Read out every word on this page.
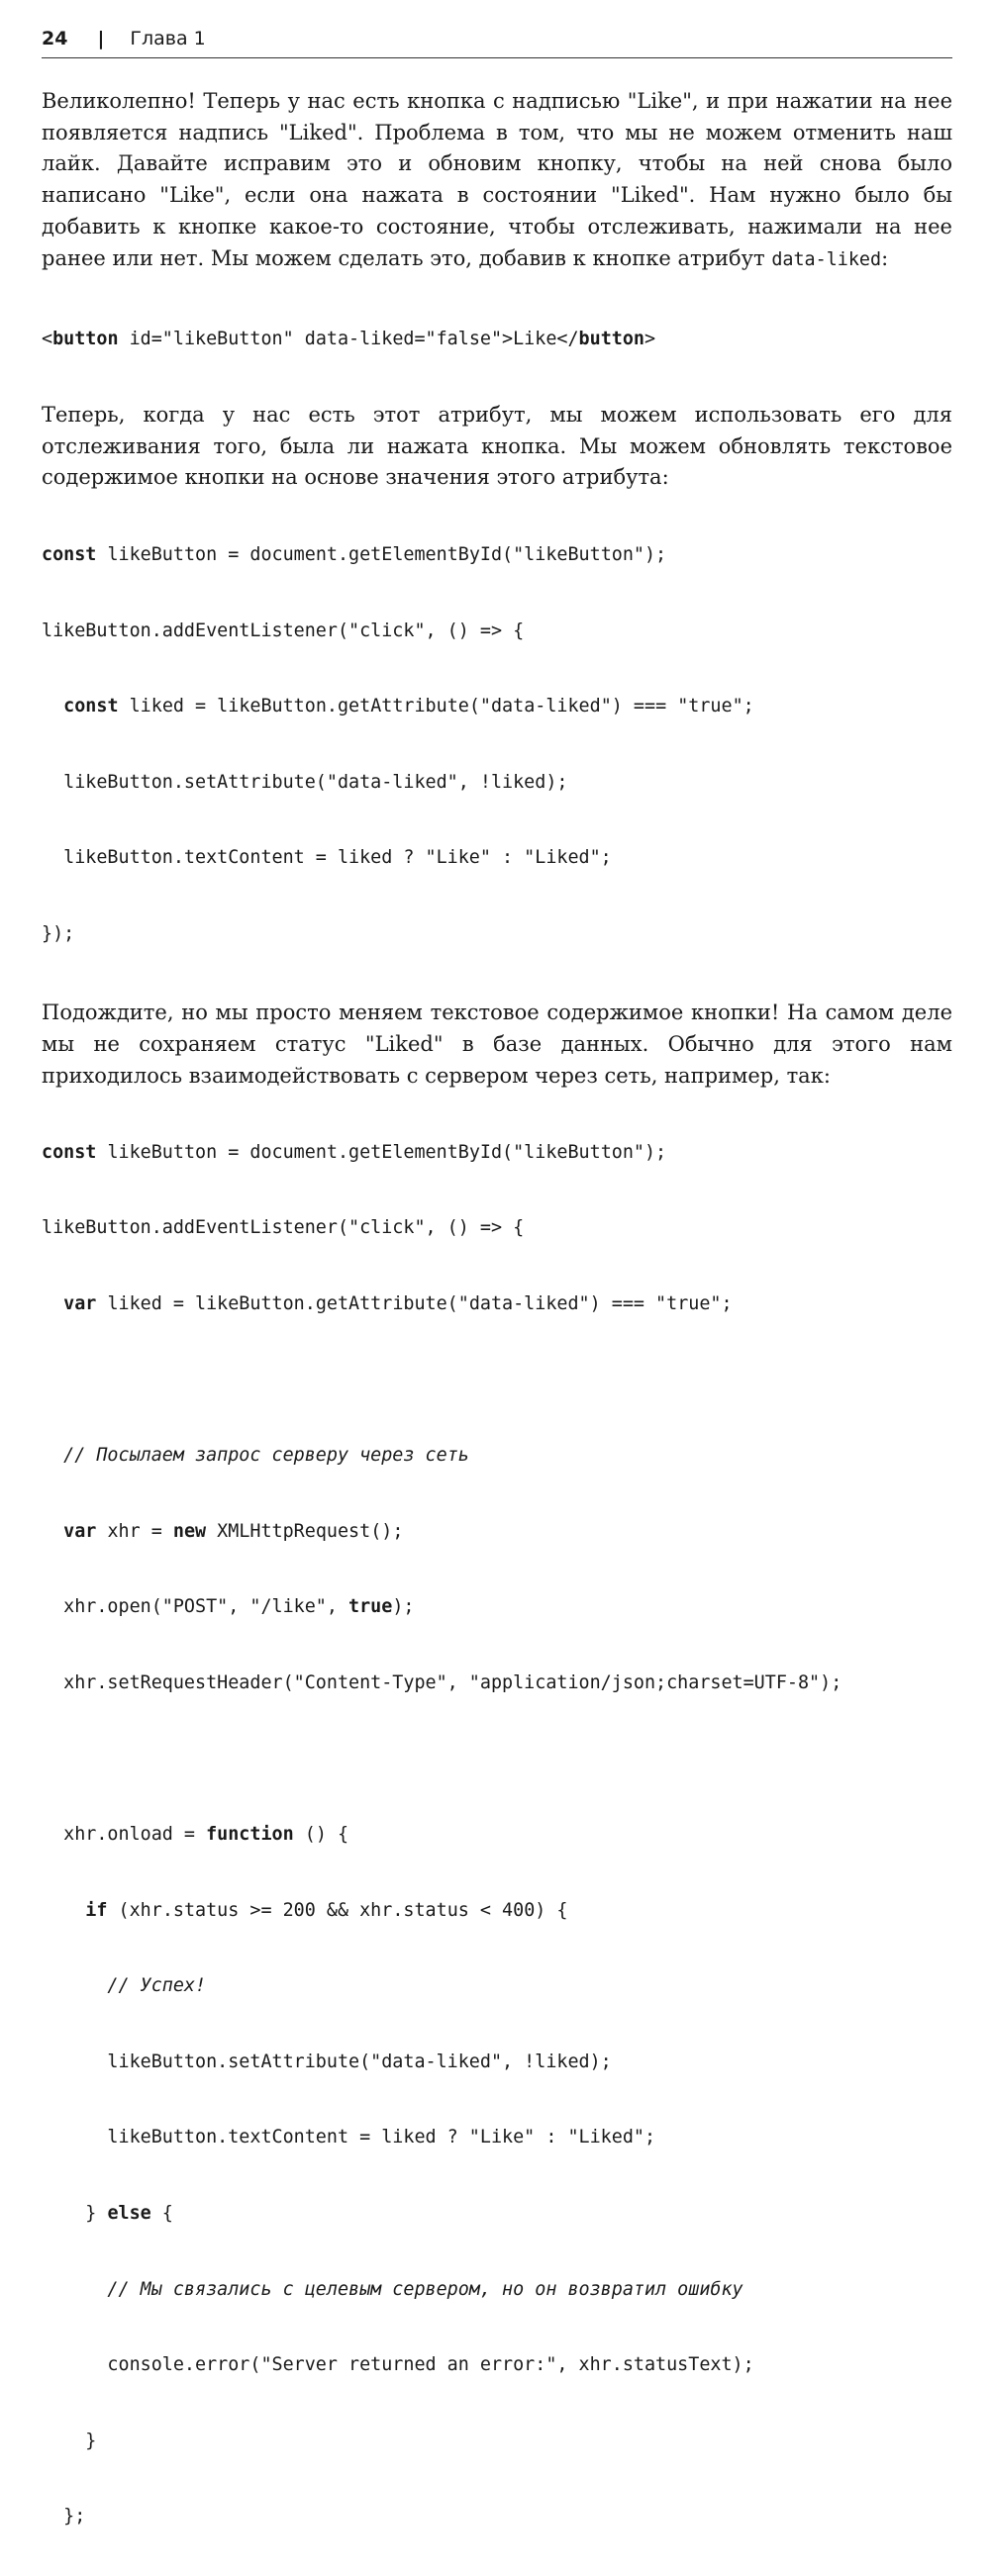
24 | Глава 1

Великолепно! Теперь у нас есть кнопка с надписью "Like", и при нажатии на нее появляется надпись "Liked". Проблема в том, что мы не можем отменить наш лайк. Давайте исправим это и обновим кнопку, чтобы на ней снова было написано "Like", если она нажата в состоянии "Liked". Нам нужно было бы добавить к кнопке какое-то состояние, чтобы отслеживать, нажимали на нее ранее или нет. Мы можем сделать это, добавив к кнопке атрибут data-liked:

<button id="likeButton" data-liked="false">Like</button>

Теперь, когда у нас есть этот атрибут, мы можем использовать его для отслеживания того, была ли нажата кнопка. Мы можем обновлять текстовое содержимое кнопки на основе значения этого атрибута:

const likeButton = document.getElementById("likeButton");

likeButton.addEventListener("click", () => {

const liked = likeButton.getAttribute("data-liked") === "true";

likeButton.setAttribute("data-liked", !liked);

likeButton.textContent = liked ? "Like" : "Liked";

});

Подождите, но мы просто меняем текстовое содержимое кнопки! На самом деле мы не сохраняем статус "Liked" в базе данных. Обычно для этого нам приходилось взаимодействовать с сервером через сеть, например, так:

const likeButton = document.getElementById("likeButton");

likeButton.addEventListener("click", () => {

var liked = likeButton.getAttribute("data-liked") === "true";

// Посылаем запрос серверу через сеть

var xhr = new XMLHttpRequest();

xhr.open("POST", "/like", true);

xhr.setRequestHeader("Content-Type", "application/json;charset=UTF-8");

xhr.onload = function () {

if (xhr.status >= 200 && xhr.status < 400) {

// Успех!

likeButton.setAttribute("data-liked", !liked);

likeButton.textContent = liked ? "Like" : "Liked";

} else {

// Мы связались с целевым сервером, но он возвратил ошибку

console.error("Server returned an error:", xhr.statusText);

}

};
